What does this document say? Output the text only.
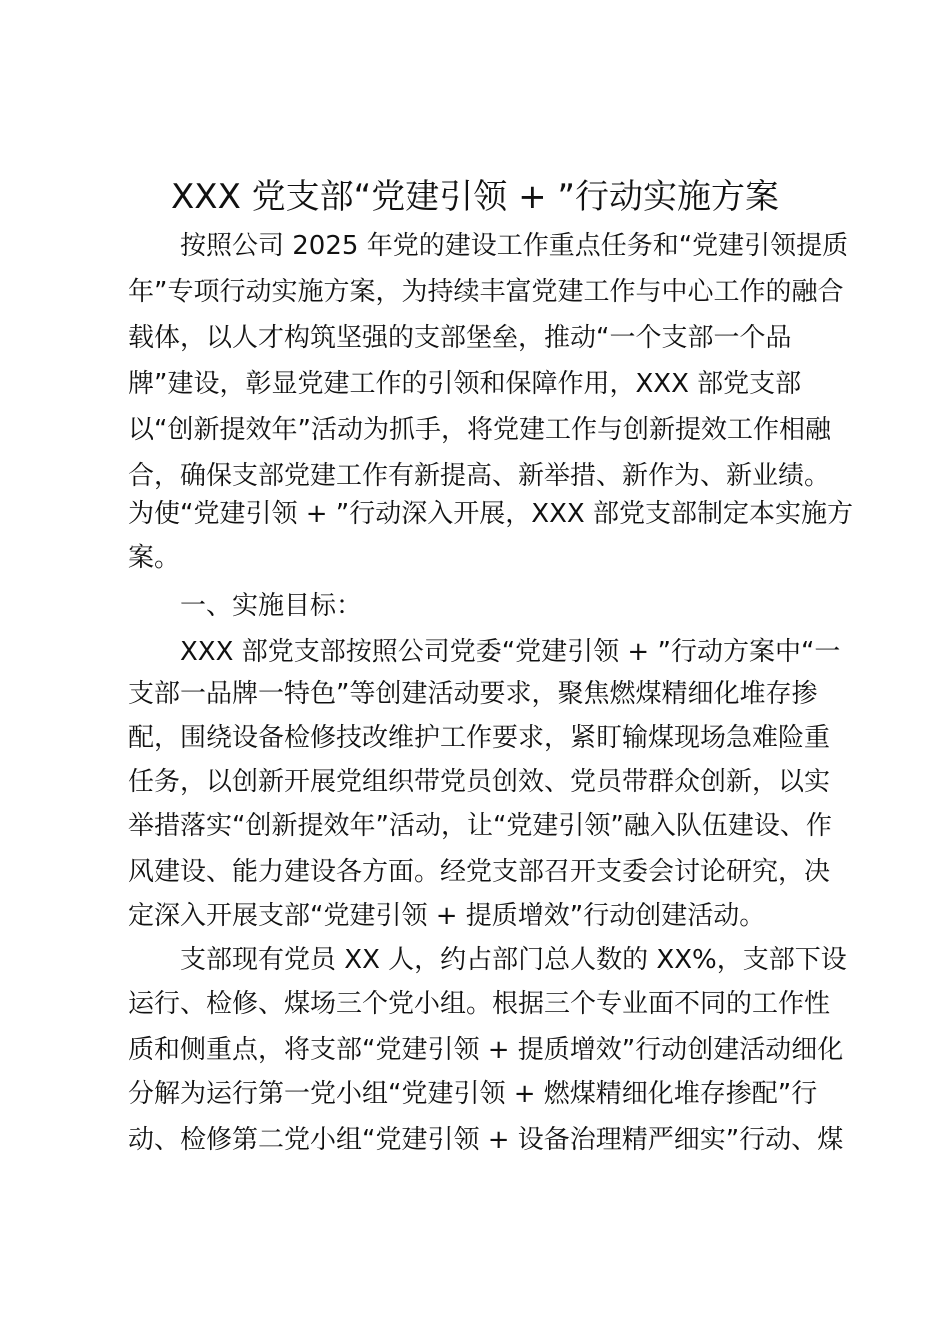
XXX 党支部“党建引领 + ”行动实施方案

按照公司 2025 年党的建设工作重点任务和“党建引领提质

年”专项行动实施方案，为持续丰富党建工作与中心工作的融合

载体，以人才构筑坚强的支部堡垒，推动“一个支部一个品

牌”建设，彰显党建工作的引领和保障作用，XXX 部党支部

以“创新提效年”活动为抓手，将党建工作与创新提效工作相融

合，确保支部党建工作有新提高、新举措、新作为、新业绩。

为使“党建引领 + ”行动深入开展，XXX 部党支部制定本实施方

案。

一、实施目标：

XXX 部党支部按照公司党委“党建引领 + ”行动方案中“一

支部一品牌一特色”等创建活动要求，聚焦燃煤精细化堆存掺

配，围绕设备检修技改维护工作要求，紧盯输煤现场急难险重

任务，以创新开展党组织带党员创效、党员带群众创新，以实

举措落实“创新提效年”活动，让“党建引领”融入队伍建设、作

风建设、能力建设各方面。经党支部召开支委会讨论研究，决

定深入开展支部“党建引领 + 提质增效”行动创建活动。

支部现有党员 XX 人，约占部门总人数的 XX%，支部下设

运行、检修、煤场三个党小组。根据三个专业面不同的工作性

质和侧重点，将支部“党建引领 + 提质增效”行动创建活动细化

分解为运行第一党小组“党建引领 + 燃煤精细化堆存掺配”行

动、检修第二党小组“党建引领 + 设备治理精严细实”行动、煤
